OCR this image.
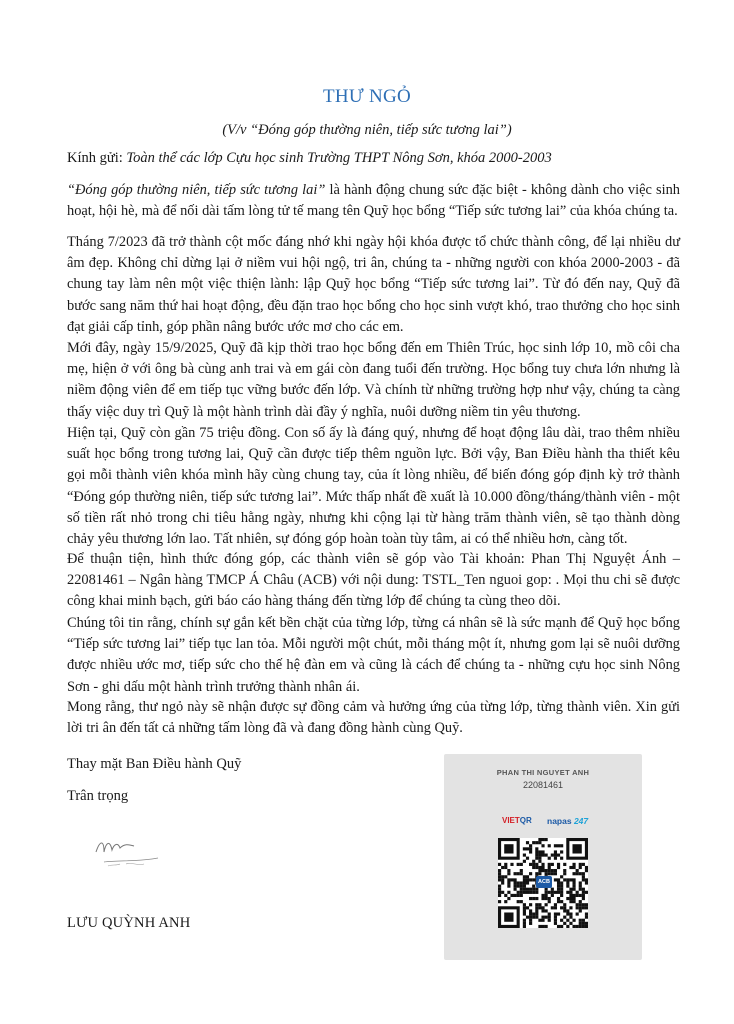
THƯ NGỎ
(V/v “Đóng góp thường niên, tiếp sức tương lai”)
Kính gửi: Toàn thể các lớp Cựu học sinh Trường THPT Nông Sơn, khóa 2000-2003
“Đóng góp thường niên, tiếp sức tương lai” là hành động chung sức đặc biệt - không dành cho việc sinh hoạt, hội hè, mà để nối dài tấm lòng tử tế mang tên Quỹ học bổng “Tiếp sức tương lai” của khóa chúng ta.
Tháng 7/2023 đã trở thành cột mốc đáng nhớ khi ngày hội khóa được tổ chức thành công, để lại nhiều dư âm đẹp. Không chỉ dừng lại ở niềm vui hội ngộ, tri ân, chúng ta - những người con khóa 2000-2003 - đã chung tay làm nên một việc thiện lành: lập Quỹ học bổng “Tiếp sức tương lai”. Từ đó đến nay, Quỹ đã bước sang năm thứ hai hoạt động, đều đặn trao học bổng cho học sinh vượt khó, trao thưởng cho học sinh đạt giải cấp tỉnh, góp phần nâng bước ước mơ cho các em.
Mới đây, ngày 15/9/2025, Quỹ đã kịp thời trao học bổng đến em Thiên Trúc, học sinh lớp 10, mồ côi cha mẹ, hiện ở với ông bà cùng anh trai và em gái còn đang tuổi đến trường. Học bổng tuy chưa lớn nhưng là niềm động viên để em tiếp tục vững bước đến lớp. Và chính từ những trường hợp như vậy, chúng ta càng thấy việc duy trì Quỹ là một hành trình dài đầy ý nghĩa, nuôi dưỡng niềm tin yêu thương.
Hiện tại, Quỹ còn gần 75 triệu đồng. Con số ấy là đáng quý, nhưng để hoạt động lâu dài, trao thêm nhiều suất học bổng trong tương lai, Quỹ cần được tiếp thêm nguồn lực. Bởi vậy, Ban Điều hành tha thiết kêu gọi mỗi thành viên khóa mình hãy cùng chung tay, của ít lòng nhiều, để biến đóng góp định kỳ trở thành “Đóng góp thường niên, tiếp sức tương lai”. Mức thấp nhất đề xuất là 10.000 đồng/tháng/thành viên - một số tiền rất nhỏ trong chi tiêu hằng ngày, nhưng khi cộng lại từ hàng trăm thành viên, sẽ tạo thành dòng chảy yêu thương lớn lao. Tất nhiên, sự đóng góp hoàn toàn tùy tâm, ai có thể nhiều hơn, càng tốt.
Để thuận tiện, hình thức đóng góp, các thành viên sẽ góp vào Tài khoản: Phan Thị Nguyệt Ánh – 22081461 – Ngân hàng TMCP Á Châu (ACB) với nội dung: TSTL_Ten nguoi gop: . Mọi thu chi sẽ được công khai minh bạch, gửi báo cáo hàng tháng đến từng lớp để chúng ta cùng theo dõi.
Chúng tôi tin rằng, chính sự gắn kết bền chặt của từng lớp, từng cá nhân sẽ là sức mạnh để Quỹ học bổng “Tiếp sức tương lai” tiếp tục lan tỏa. Mỗi người một chút, mỗi tháng một ít, nhưng gom lại sẽ nuôi dưỡng được nhiều ước mơ, tiếp sức cho thế hệ đàn em và cũng là cách để chúng ta - những cựu học sinh Nông Sơn - ghi dấu một hành trình trưởng thành nhân ái.
Mong rằng, thư ngỏ này sẽ nhận được sự đồng cảm và hưởng ứng của từng lớp, từng thành viên. Xin gửi lời tri ân đến tất cả những tấm lòng đã và đang đồng hành cùng Quỹ.
Thay mặt Ban Điều hành Quỹ
Trân trọng
LƯU QUỲNH ANH
PHAN THI NGUYET ANH
22081461
VIETQR napas 247
ACB
